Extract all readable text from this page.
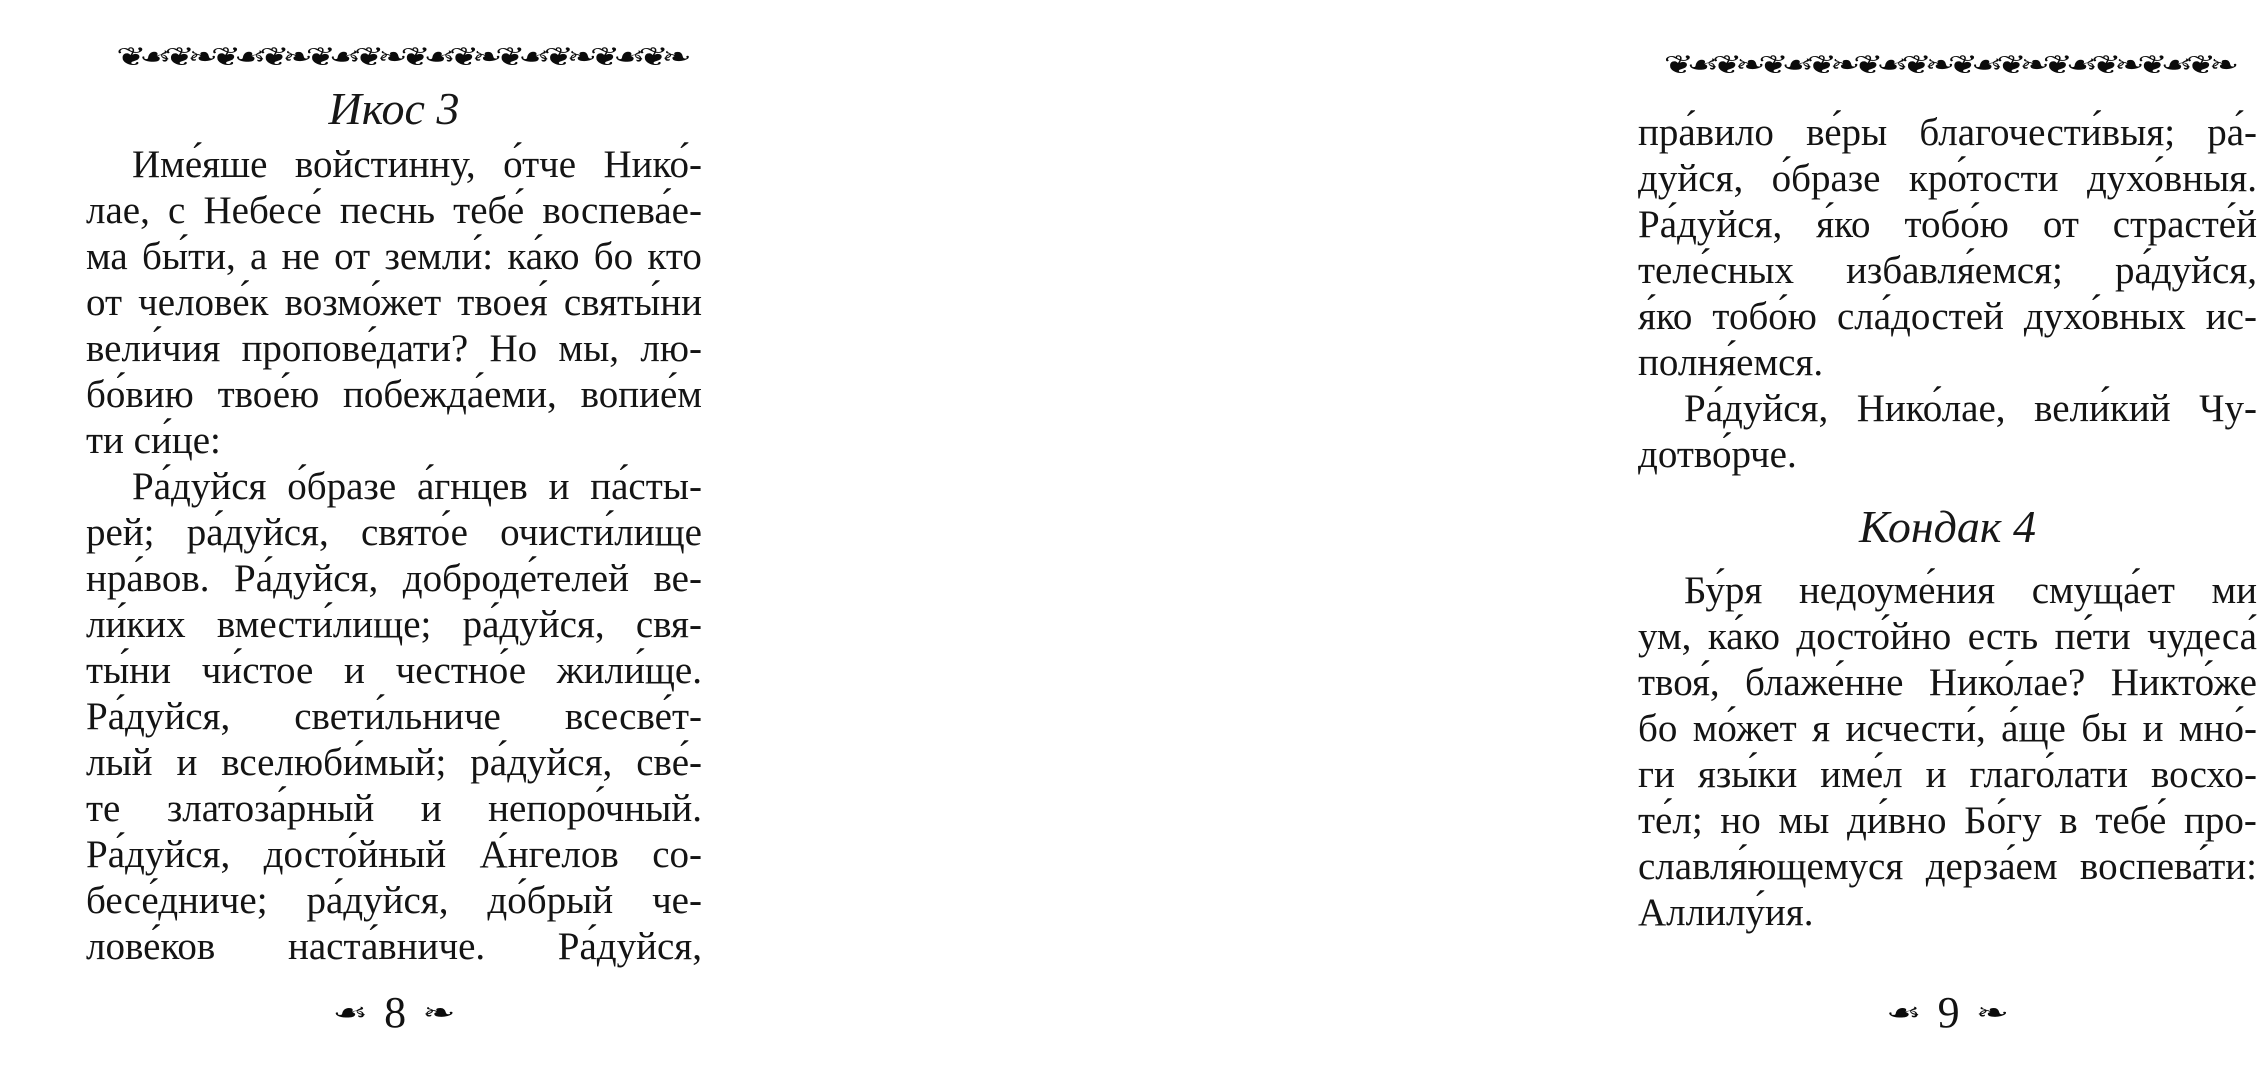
❦☙❦❧❦☙❦❧❦☙❦❧❦☙❦❧❦☙❦❧❦☙❦❧
Икос 3
Име́яше войстинну, о́тче Нико́-
лае, с Небесе́ песнь тебе́ воспева́е-
ма бы́ти, а не от земли́: ка́ко бо кто
от челове́к возмо́жет твоея́ святы́ни
вели́чия пропове́дати? Но мы, лю-
бо́вию твое́ю побежда́еми, вопие́м
ти си́це:
Ра́дуйся о́бразе а́гнцев и па́сты-
рей; ра́дуйся, свято́е очисти́лище
нра́вов. Ра́дуйся, доброде́телей ве-
ли́ких вмести́лище; ра́дуйся, свя-
ты́ни чи́стое и честно́е жили́ще.
Ра́дуйся, свети́льниче всесве́т-
лый и вселюби́мый; ра́дуйся, све́-
те златоза́рный и непоро́чный.
Ра́дуйся, досто́йный А́нгелов со-
бесе́дниче; ра́дуйся, до́брый че-
лове́ков наста́вниче. Ра́дуйся,
☙ 8 ❧
❦☙❦❧❦☙❦❧❦☙❦❧❦☙❦❧❦☙❦❧❦☙❦❧
пра́вило ве́ры благочести́выя; ра́-
дуйся, о́бразе кро́тости духо́вныя.
Ра́дуйся, я́ко тобо́ю от страсте́й
теле́сных избавля́емся; ра́дуйся,
я́ко тобо́ю сла́достей духо́вных ис-
полня́емся.
Ра́дуйся, Нико́лае, вели́кий Чу-
дотво́рче.
Кондак 4
Бу́ря недоуме́ния смуща́ет ми
ум, ка́ко досто́йно есть пе́ти чудеса́
твоя́, блаже́нне Нико́лае? Никто́же
бо мо́жет я исчести́, а́ще бы и мно́-
ги язы́ки име́л и глаго́лати восхо-
те́л; но мы ди́вно Бо́гу в тебе́ про-
славля́ющемуся дерза́ем воспева́ти:
Аллилу́ия.
☙ 9 ❧
